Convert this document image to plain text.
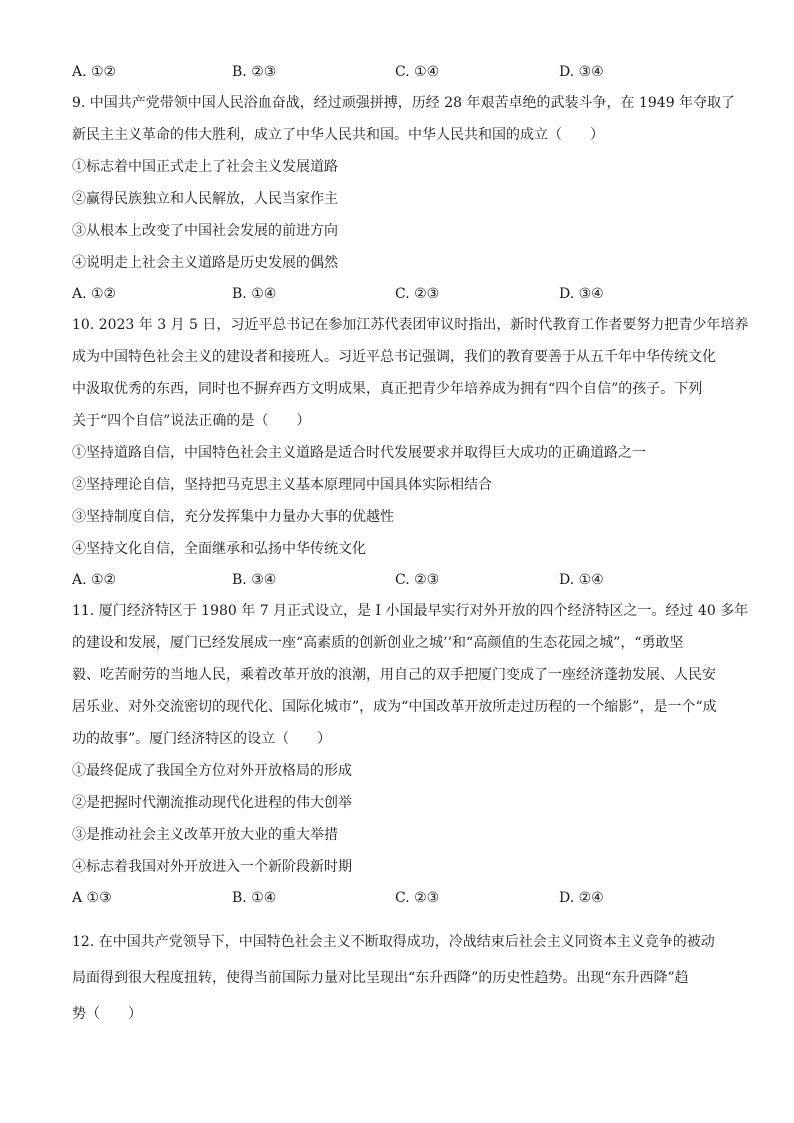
A. ①②	B. ②③	C. ①④	D. ③④
9. 中国共产党带领中国人民浴血奋战，经过顽强拼搏，历经 28 年艰苦卓绝的武装斗争，在 1949 年夺取了
新民主主义革命的伟大胜利，成立了中华人民共和国。中华人民共和国的成立（　　）
①标志着中国正式走上了社会主义发展道路
②赢得民族独立和人民解放，人民当家作主
③从根本上改变了中国社会发展的前进方向
④说明走上社会主义道路是历史发展的偶然
A. ①②	B. ①④	C. ②③	D. ③④
10. 2023 年 3 月 5 日，习近平总书记在参加江苏代表团审议时指出，新时代教育工作者要努力把青少年培养
成为中国特色社会主义的建设者和接班人。习近平总书记强调，我们的教育要善于从五千年中华传统文化
中汲取优秀的东西，同时也不摒弃西方文明成果，真正把青少年培养成为拥有“四个自信”的孩子。下列
关于“四个自信”说法正确的是（　　）
①坚持道路自信，中国特色社会主义道路是适合时代发展要求并取得巨大成功的正确道路之一
②坚持理论自信，坚持把马克思主义基本原理同中国具体实际相结合
③坚持制度自信，充分发挥集中力量办大事的优越性
④坚持文化自信，全面继承和弘扬中华传统文化
A. ①②	B. ③④	C. ②③	D. ①④
11. 厦门经济特区于 1980 年 7 月正式设立，是 I 小国最早实行对外开放的四个经济特区之一。经过 40 多年
的建设和发展，厦门已经发展成一座“高素质的创新创业之城’’和“高颜值的生态花园之城”，“勇敢坚
毅、吃苦耐劳的当地人民，乘着改革开放的浪潮，用自己的双手把厦门变成了一座经济蓬勃发展、人民安
居乐业、对外交流密切的现代化、国际化城市”，成为“中国改革开放所走过历程的一个缩影”，是一个“成
功的故事”。厦门经济特区的设立（　　）
①最终促成了我国全方位对外开放格局的形成
②是把握时代潮流推动现代化进程的伟大创举
③是推动社会主义改革开放大业的重大举措
④标志着我国对外开放进入一个新阶段新时期
A ①③	B. ①④	C. ②③	D. ②④
12. 在中国共产党领导下，中国特色社会主义不断取得成功，冷战结束后社会主义同资本主义竞争的被动
局面得到很大程度扭转，使得当前国际力量对比呈现出“东升西降”的历史性趋势。出现“东升西降”趋
势（　　）
